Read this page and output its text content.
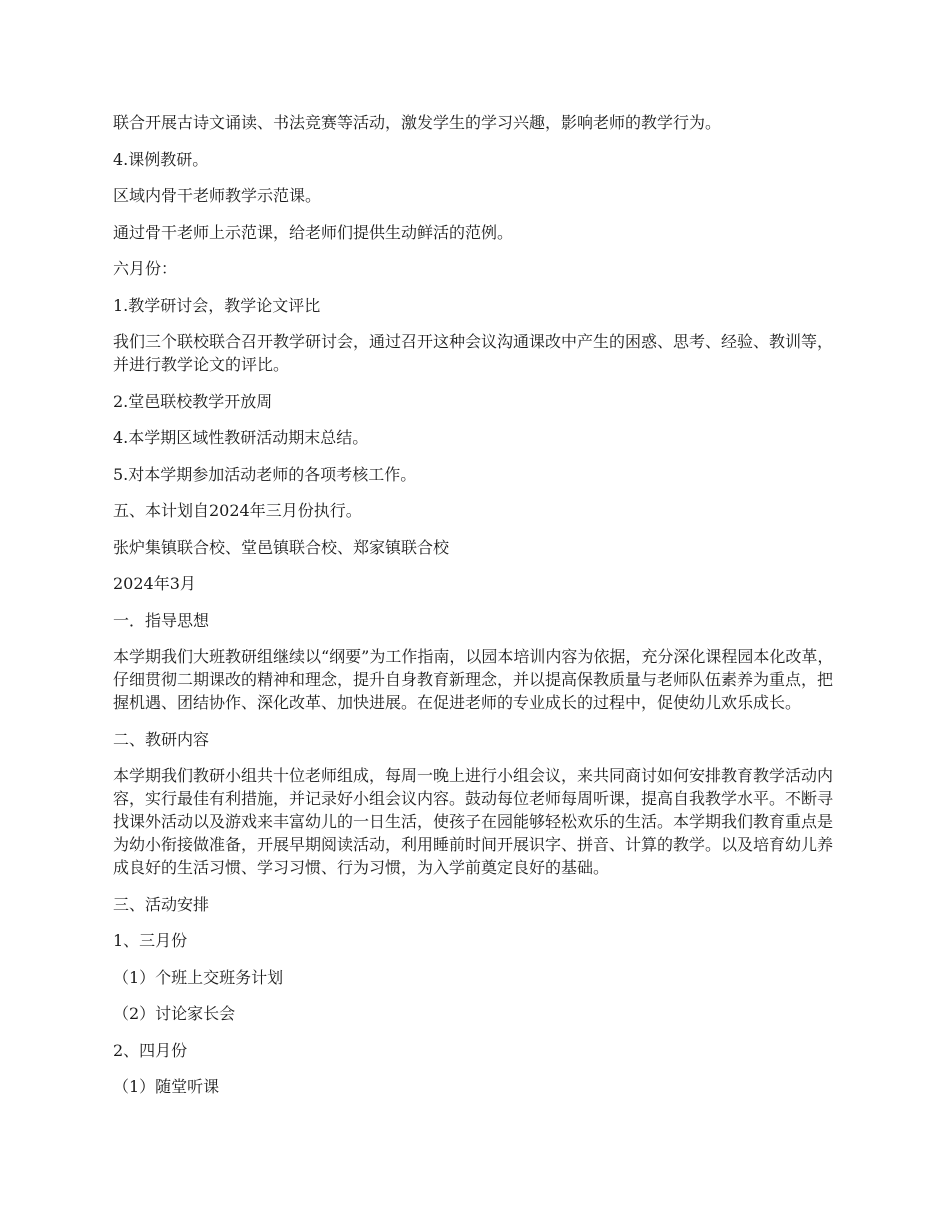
联合开展古诗文诵读、书法竞赛等活动，激发学生的学习兴趣，影响老师的教学行为。

4.课例教研。

区域内骨干老师教学示范课。

通过骨干老师上示范课，给老师们提供生动鲜活的范例。

六月份：

1.教学研讨会，教学论文评比

我们三个联校联合召开教学研讨会，通过召开这种会议沟通课改中产生的困惑、思考、经验、教训等，并进行教学论文的评比。

2.堂邑联校教学开放周

4.本学期区域性教研活动期末总结。

5.对本学期参加活动老师的各项考核工作。

五、本计划自2024年三月份执行。

张炉集镇联合校、堂邑镇联合校、郑家镇联合校

2024年3月

一．指导思想

本学期我们大班教研组继续以“纲要”为工作指南，以园本培训内容为依据，充分深化课程园本化改革，仔细贯彻二期课改的精神和理念，提升自身教育新理念，并以提高保教质量与老师队伍素养为重点，把握机遇、团结协作、深化改革、加快进展。在促进老师的专业成长的过程中，促使幼儿欢乐成长。

二、教研内容

本学期我们教研小组共十位老师组成，每周一晚上进行小组会议，来共同商讨如何安排教育教学活动内容，实行最佳有利措施，并记录好小组会议内容。鼓动每位老师每周听课，提高自我教学水平。不断寻找课外活动以及游戏来丰富幼儿的一日生活，使孩子在园能够轻松欢乐的生活。本学期我们教育重点是为幼小衔接做准备，开展早期阅读活动，利用睡前时间开展识字、拼音、计算的教学。以及培育幼儿养成良好的生活习惯、学习习惯、行为习惯，为入学前奠定良好的基础。

三、活动安排

1、三月份

（1）个班上交班务计划

（2）讨论家长会

2、四月份

（1）随堂听课
